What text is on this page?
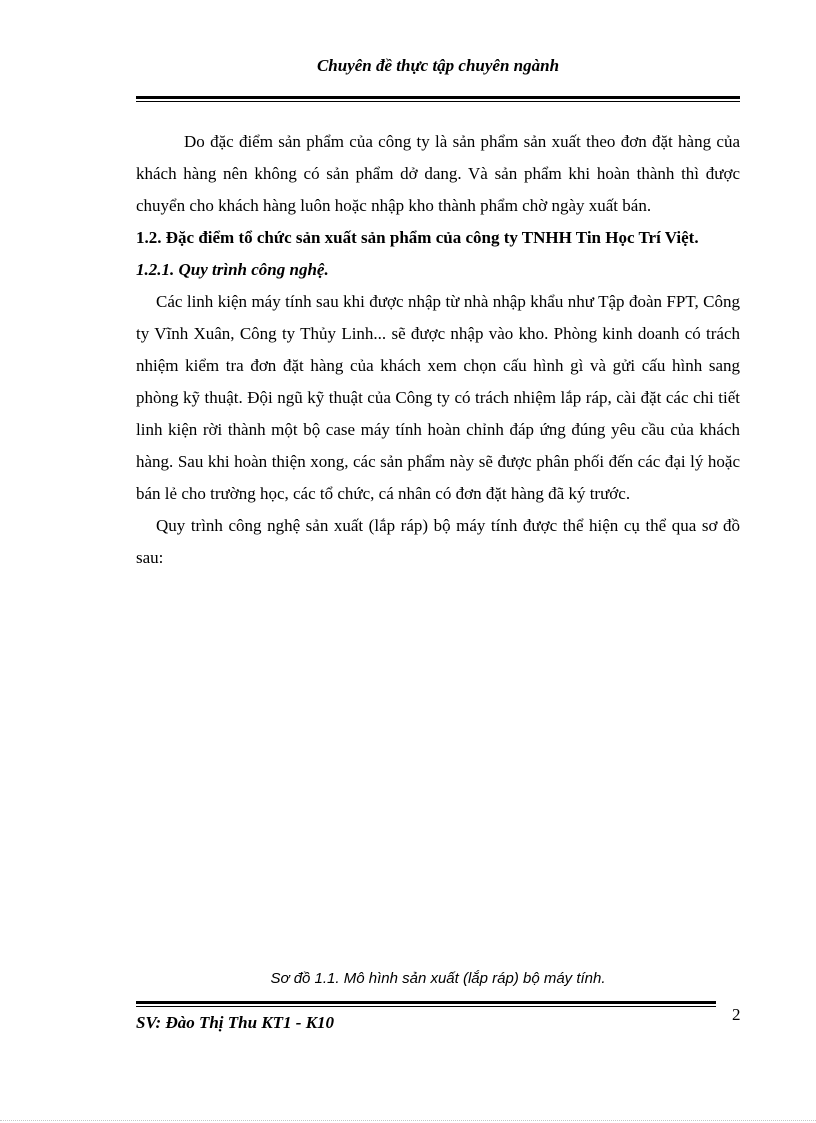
Chuyên đề thực tập chuyên ngành

Do đặc điểm sản phẩm của công ty là sản phẩm sản xuất theo đơn đặt hàng của khách hàng nên không có sản phẩm dở dang. Và sản phẩm khi hoàn thành thì được chuyển cho khách hàng luôn hoặc nhập kho thành phẩm chờ ngày xuất bán.

1.2. Đặc điểm tổ chức sản xuất sản phẩm của công ty TNHH Tin Học Trí Việt.

1.2.1. Quy trình công nghệ.

Các linh kiện máy tính sau khi được nhập từ nhà nhập khẩu như Tập đoàn FPT, Công ty Vĩnh Xuân, Công ty Thủy Linh... sẽ được nhập vào kho. Phòng kinh doanh có trách nhiệm kiểm tra đơn đặt hàng của khách xem chọn cấu hình gì và gửi cấu hình sang phòng kỹ thuật. Đội ngũ kỹ thuật của Công ty có trách nhiệm lắp ráp, cài đặt các chi tiết linh kiện rời thành một bộ case máy tính hoàn chỉnh đáp ứng đúng yêu cầu của khách hàng. Sau khi hoàn thiện xong, các sản phẩm này sẽ được phân phối đến các đại lý hoặc bán lẻ cho trường học, các tổ chức, cá nhân có đơn đặt hàng đã ký trước.

Quy trình công nghệ sản xuất (lắp ráp) bộ máy tính được thể hiện cụ thể qua sơ đồ sau:

Sơ đồ 1.1. Mô hình sản xuất (lắp ráp) bộ máy tính.
SV: Đào Thị Thu KT1 - K10	2
